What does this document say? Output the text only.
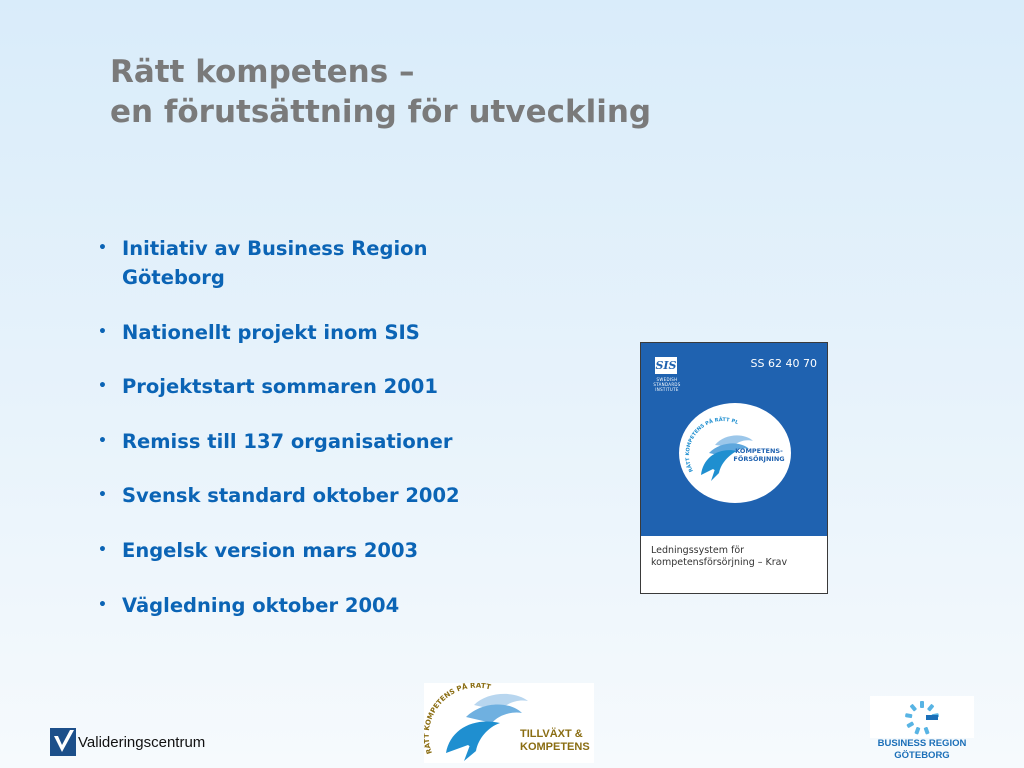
Rätt kompetens –
en förutsättning för utveckling
• Initiativ av Business Region Göteborg
• Nationellt projekt inom SIS
• Projektstart sommaren 2001
• Remiss till 137 organisationer
• Svensk standard oktober 2002
• Engelsk version mars 2003
• Vägledning oktober 2004
SIS
SWEDISH STANDARDS INSTITUTE
SS 62 40 70
RÄTT KOMPETENS PÅ RÄTT PL
KOMPETENS-
FÖRSÖRJNING
Ledningssystem för
kompetensförsörjning – Krav
Valideringscentrum
RÄ OMPETENS PÅ RÄTT
TILLVÄXT &
KOMPETENS	BUSINESS REGION
GÖTEBORG
